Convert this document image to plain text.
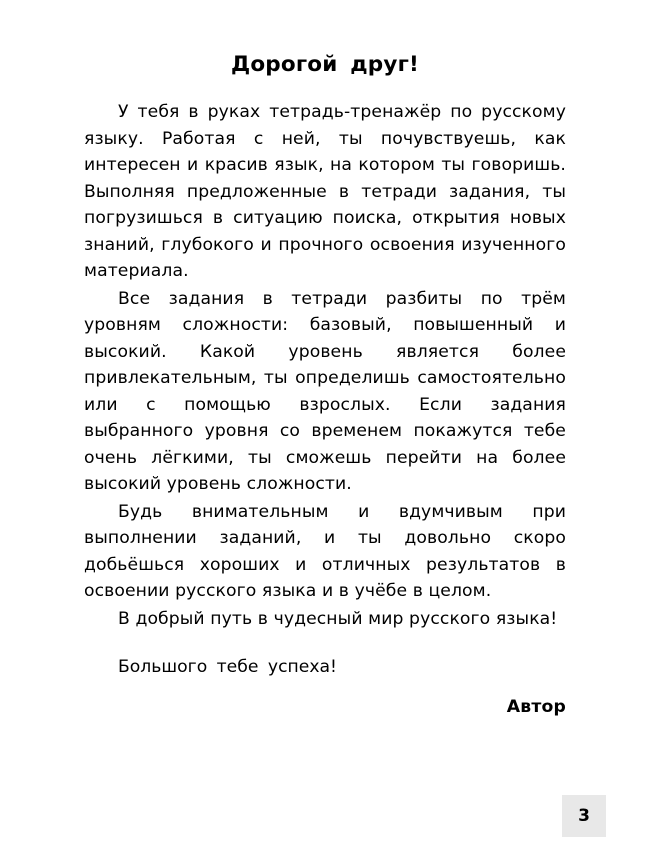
Дорогой друг!

У тебя в руках тетрадь-тренажёр по русскому языку. Работая с ней, ты почувствуешь, как интересен и красив язык, на котором ты говоришь. Выполняя предложенные в тетради задания, ты погрузишься в ситуацию поиска, открытия новых знаний, глубокого и прочного освоения изученного материала.

Все задания в тетради разбиты по трём уровням сложности: базовый, повышенный и высокий. Какой уровень является более привлекательным, ты определишь самостоятельно или с помощью взрослых. Если задания выбранного уровня со временем покажутся тебе очень лёгкими, ты сможешь перейти на более высокий уровень сложности.

Будь внимательным и вдумчивым при выполнении заданий, и ты довольно скоро добьёшься хороших и отличных результатов в освоении русского языка и в учёбе в целом.

В добрый путь в чудесный мир русского языка!

Большого тебе успеха!

Автор

3
